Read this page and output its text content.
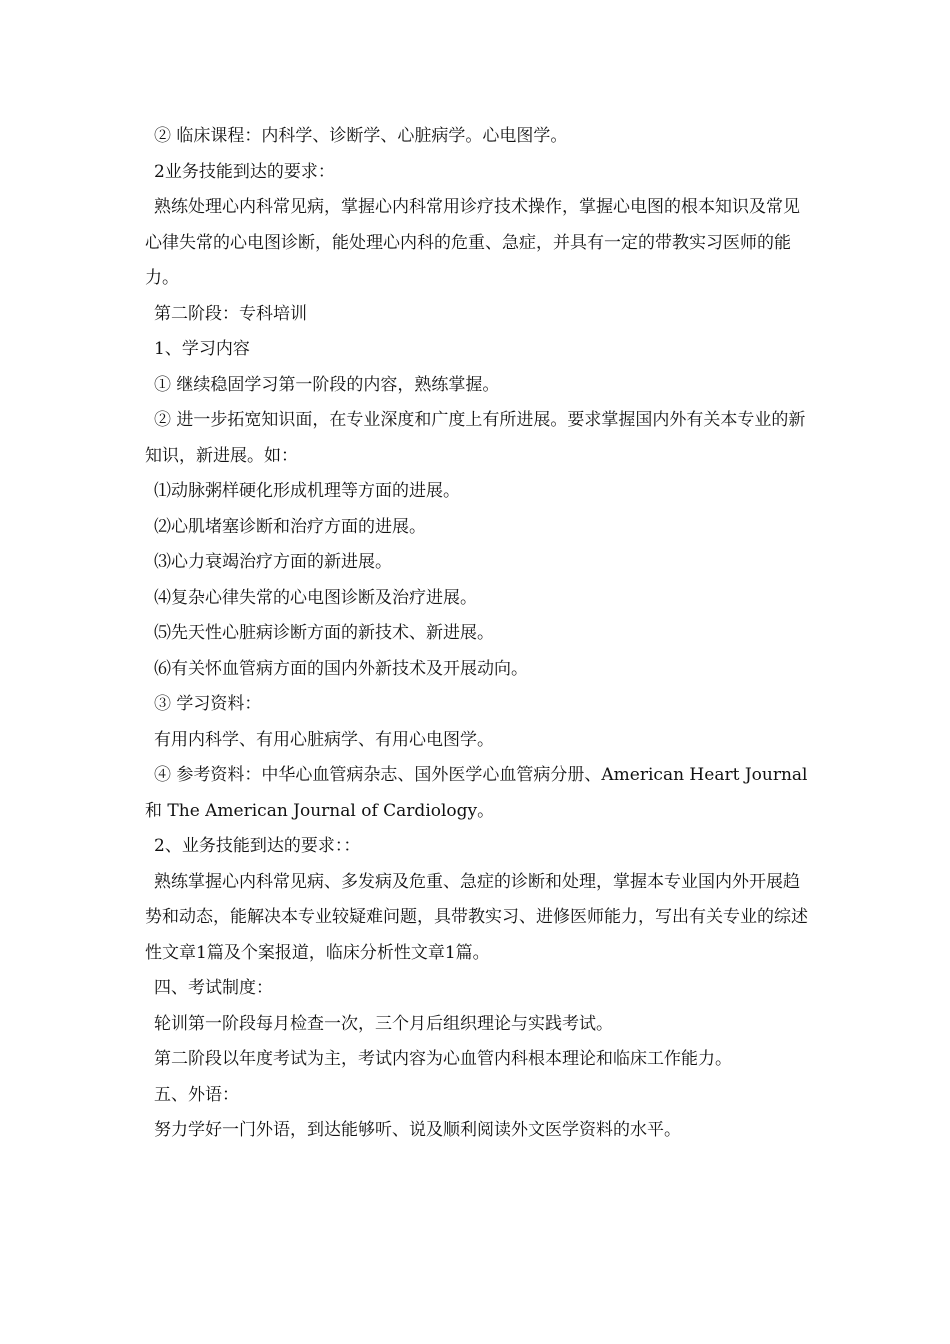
② 临床课程：内科学、诊断学、心脏病学。心电图学。

2业务技能到达的要求：

熟练处理心内科常见病，掌握心内科常用诊疗技术操作，掌握心电图的根本知识及常见心律失常的心电图诊断，能处理心内科的危重、急症，并具有一定的带教实习医师的能力。

第二阶段：专科培训

1、学习内容

① 继续稳固学习第一阶段的内容，熟练掌握。

② 进一步拓宽知识面，在专业深度和广度上有所进展。要求掌握国内外有关本专业的新知识，新进展。如：

⑴动脉粥样硬化形成机理等方面的进展。

⑵心肌堵塞诊断和治疗方面的进展。

⑶心力衰竭治疗方面的新进展。

⑷复杂心律失常的心电图诊断及治疗进展。

⑸先天性心脏病诊断方面的新技术、新进展。

⑹有关怀血管病方面的国内外新技术及开展动向。

③ 学习资料：

有用内科学、有用心脏病学、有用心电图学。

④ 参考资料：中华心血管病杂志、国外医学心血管病分册、American Heart Journal 和 The American Journal of Cardiology。

2、业务技能到达的要求：：

熟练掌握心内科常见病、多发病及危重、急症的诊断和处理，掌握本专业国内外开展趋势和动态，能解决本专业较疑难问题，具带教实习、进修医师能力，写出有关专业的综述性文章1篇及个案报道，临床分析性文章1篇。

四、考试制度：

轮训第一阶段每月检查一次，三个月后组织理论与实践考试。

第二阶段以年度考试为主，考试内容为心血管内科根本理论和临床工作能力。

五、外语：

努力学好一门外语，到达能够听、说及顺利阅读外文医学资料的水平。
